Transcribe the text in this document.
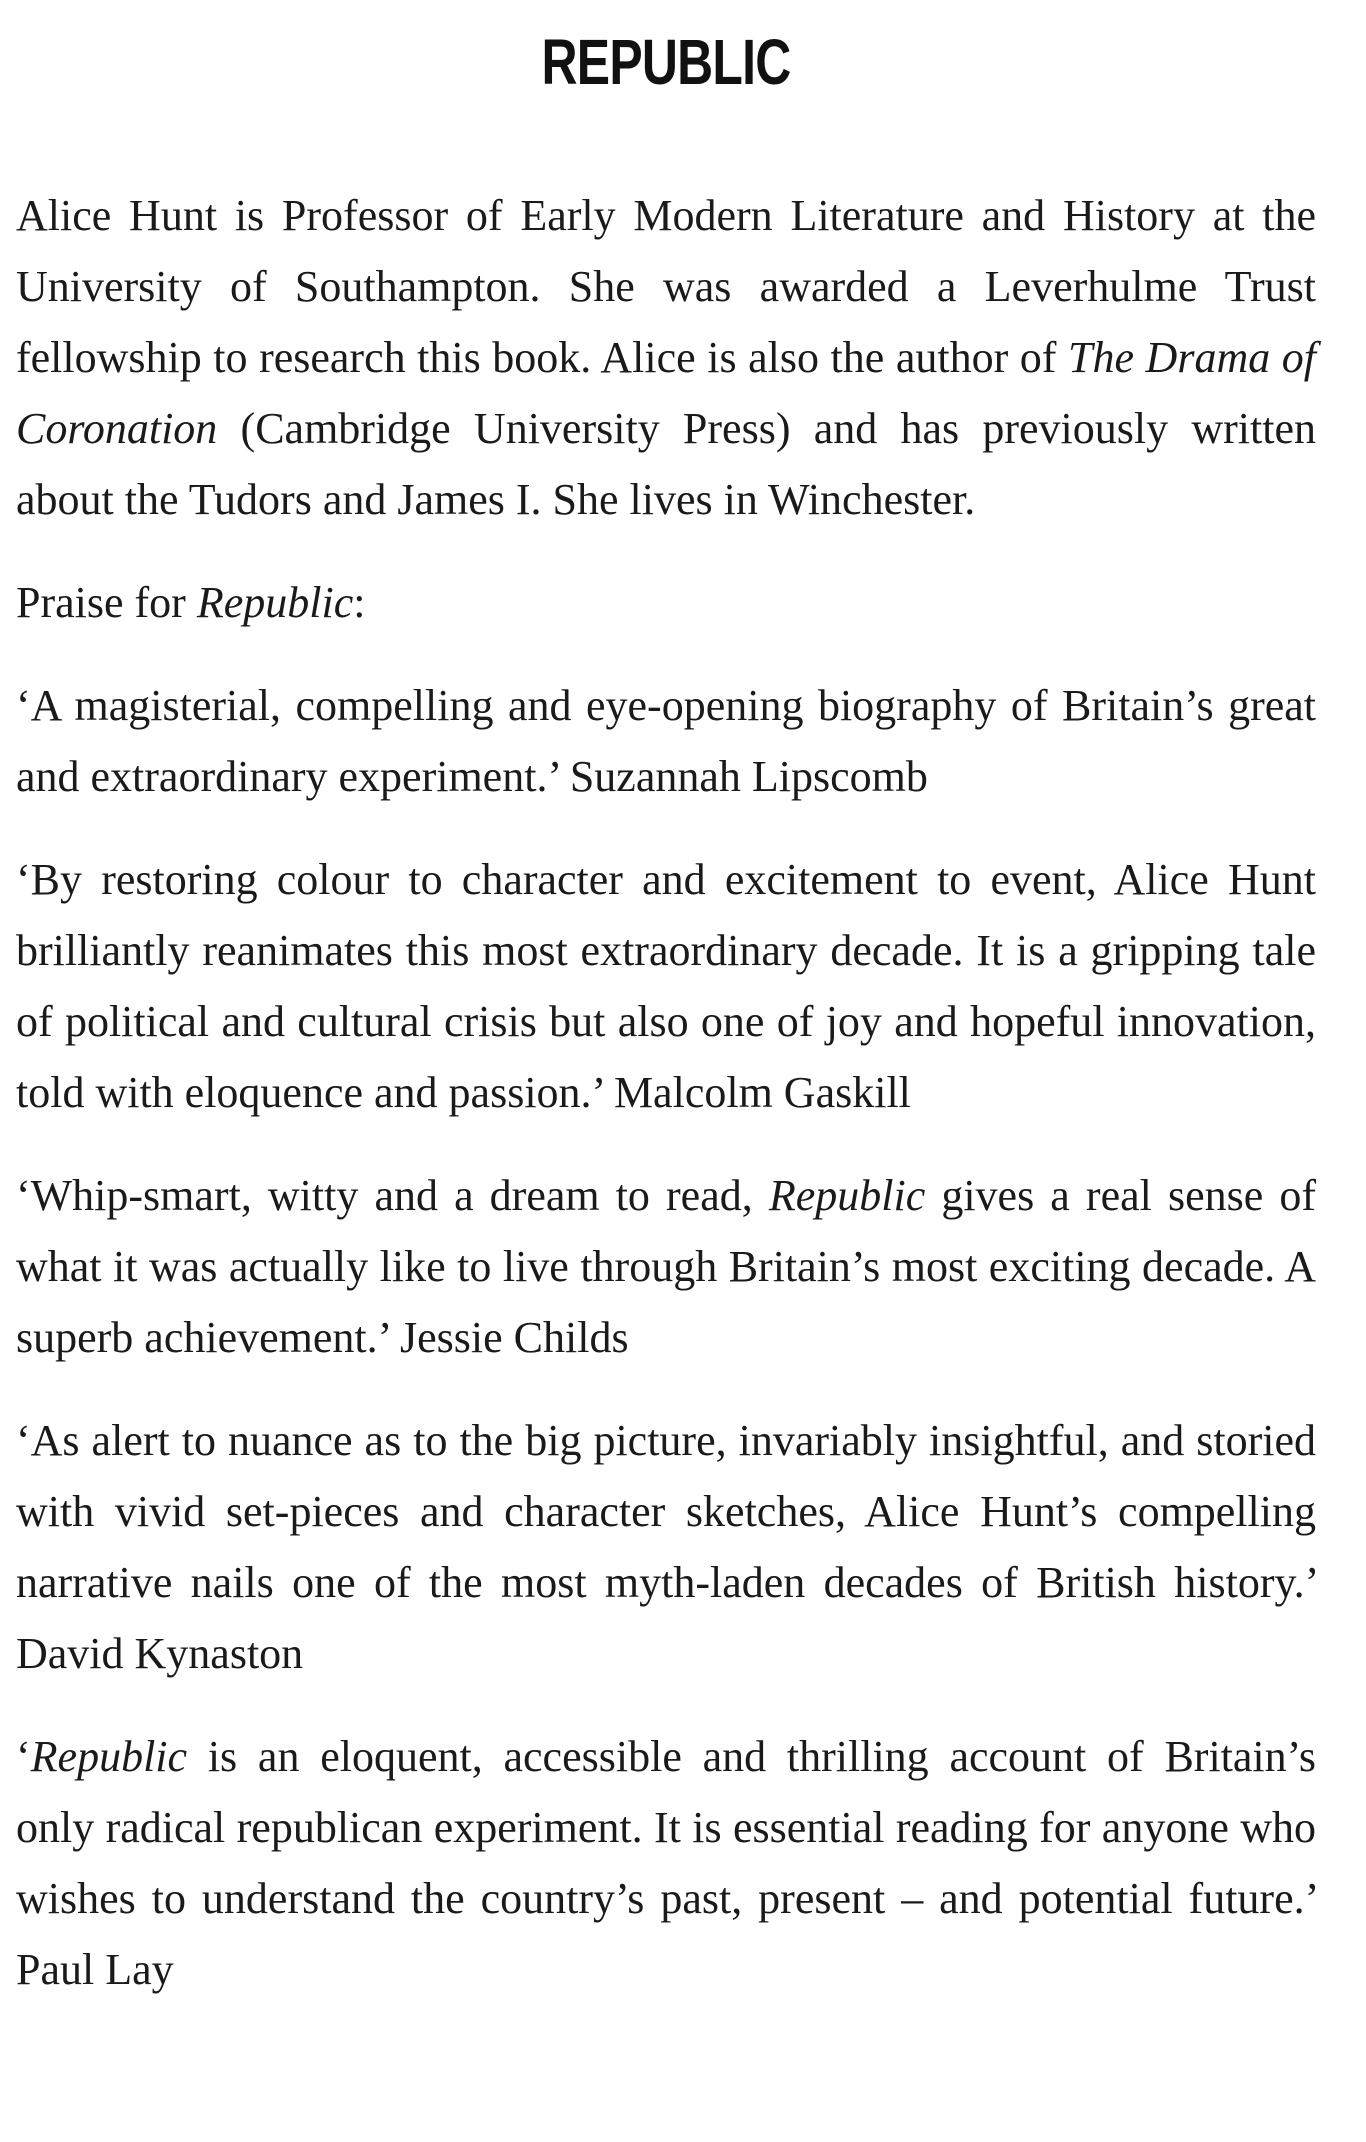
REPUBLIC

Alice Hunt is Professor of Early Modern Literature and History at the University of Southampton. She was awarded a Leverhulme Trust fellowship to research this book. Alice is also the author of The Drama of Coronation (Cambridge University Press) and has previously written about the Tudors and James I. She lives in Winchester.

Praise for Republic:

‘A magisterial, compelling and eye-opening biography of Britain’s great and extraordinary experiment.’ Suzannah Lipscomb

‘By restoring colour to character and excitement to event, Alice Hunt brilliantly reanimates this most extraordinary decade. It is a gripping tale of political and cultural crisis but also one of joy and hopeful innovation, told with eloquence and passion.’ Malcolm Gaskill

‘Whip-smart, witty and a dream to read, Republic gives a real sense of what it was actually like to live through Britain’s most exciting decade. A superb achievement.’ Jessie Childs

‘As alert to nuance as to the big picture, invariably insightful, and storied with vivid set-pieces and character sketches, Alice Hunt’s compelling narrative nails one of the most myth-laden decades of British history.’ David Kynaston

‘Republic is an eloquent, accessible and thrilling account of Britain’s only radical republican experiment. It is essential reading for anyone who wishes to understand the country’s past, present – and potential future.’ Paul Lay
